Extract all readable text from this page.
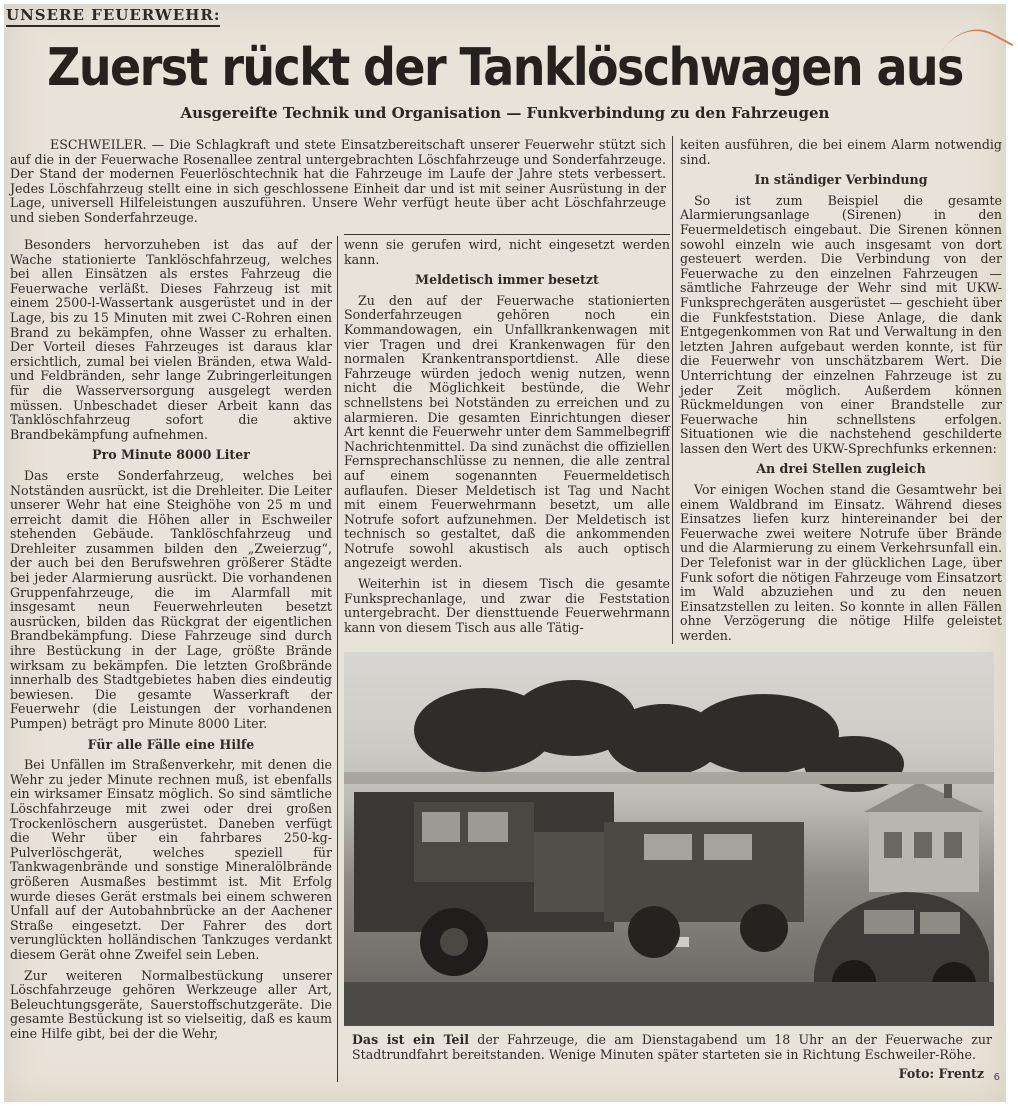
UNSERE FEUERWEHR:
Zuerst rückt der Tanklöschwagen aus
Ausgereifte Technik und Organisation — Funkverbindung zu den Fahrzeugen

ESCHWEILER. — Die Schlagkraft und stete Einsatzbereitschaft unserer Feuerwehr stützt sich auf die in der Feuerwache Rosenallee zentral untergebrachten Löschfahrzeuge und Sonderfahrzeuge. Der Stand der modernen Feuerlöschtechnik hat die Fahrzeuge im Laufe der Jahre stets verbessert. Jedes Löschfahrzeug stellt eine in sich geschlossene Einheit dar und ist mit seiner Ausrüstung in der Lage, universell Hilfeleistungen auszuführen. Unsere Wehr verfügt heute über acht Löschfahrzeuge und sieben Sonderfahrzeuge.

Besonders hervorzuheben ist das auf der Wache stationierte Tanklöschfahrzeug, welches bei allen Einsätzen als erstes Fahrzeug die Feuerwache verläßt. Dieses Fahrzeug ist mit einem 2500-l-Wassertank ausgerüstet und in der Lage, bis zu 15 Minuten mit zwei C-Rohren einen Brand zu bekämpfen, ohne Wasser zu erhalten. Der Vorteil dieses Fahrzeuges ist daraus klar ersichtlich, zumal bei vielen Bränden, etwa Wald- und Feldbränden, sehr lange Zubringerleitungen für die Wasserversorgung ausgelegt werden müssen. Unbeschadet dieser Arbeit kann das Tanklöschfahrzeug sofort die aktive Brandbekämpfung aufnehmen.

Pro Minute 8000 Liter

Das erste Sonderfahrzeug, welches bei Notständen ausrückt, ist die Drehleiter. Die Leiter unserer Wehr hat eine Steighöhe von 25 m und erreicht damit die Höhen aller in Eschweiler stehenden Gebäude. Tanklöschfahrzeug und Drehleiter zusammen bilden den „Zweierzug“, der auch bei den Berufswehren größerer Städte bei jeder Alarmierung ausrückt. Die vorhandenen Gruppenfahrzeuge, die im Alarmfall mit insgesamt neun Feuerwehrleuten besetzt ausrücken, bilden das Rückgrat der eigentlichen Brandbekämpfung. Diese Fahrzeuge sind durch ihre Bestückung in der Lage, größte Brände wirksam zu bekämpfen. Die letzten Großbrände innerhalb des Stadtgebietes haben dies eindeutig bewiesen. Die gesamte Wasserkraft der Feuerwehr (die Leistungen der vorhandenen Pumpen) beträgt pro Minute 8000 Liter.

Für alle Fälle eine Hilfe

Bei Unfällen im Straßenverkehr, mit denen die Wehr zu jeder Minute rechnen muß, ist ebenfalls ein wirksamer Einsatz möglich. So sind sämtliche Löschfahrzeuge mit zwei oder drei großen Trockenlöschern ausgerüstet. Daneben verfügt die Wehr über ein fahrbares 250-kg-Pulverlöschgerät, welches speziell für Tankwagenbrände und sonstige Mineralölbrände größeren Ausmaßes bestimmt ist. Mit Erfolg wurde dieses Gerät erstmals bei einem schweren Unfall auf der Autobahnbrücke an der Aachener Straße eingesetzt. Der Fahrer des dort verunglückten holländischen Tankzuges verdankt diesem Gerät ohne Zweifel sein Leben.

Zur weiteren Normalbestückung unserer Löschfahrzeuge gehören Werkzeuge aller Art, Beleuchtungsgeräte, Sauerstoffschutzgeräte. Die gesamte Bestückung ist so vielseitig, daß es kaum eine Hilfe gibt, bei der die Wehr,

wenn sie gerufen wird, nicht eingesetzt werden kann.

Meldetisch immer besetzt

Zu den auf der Feuerwache stationierten Sonderfahrzeugen gehören noch ein Kommandowagen, ein Unfallkrankenwagen mit vier Tragen und drei Krankenwagen für den normalen Krankentransportdienst. Alle diese Fahrzeuge würden jedoch wenig nutzen, wenn nicht die Möglichkeit bestünde, die Wehr schnellstens bei Notständen zu erreichen und zu alarmieren. Die gesamten Einrichtungen dieser Art kennt die Feuerwehr unter dem Sammelbegriff Nachrichtenmittel. Da sind zunächst die offiziellen Fernsprechanschlüsse zu nennen, die alle zentral auf einem sogenannten Feuermeldetisch auflaufen. Dieser Meldetisch ist Tag und Nacht mit einem Feuerwehrmann besetzt, um alle Notrufe sofort aufzunehmen. Der Meldetisch ist technisch so gestaltet, daß die ankommenden Notrufe sowohl akustisch als auch optisch angezeigt werden.

Weiterhin ist in diesem Tisch die gesamte Funksprechanlage, und zwar die Feststation untergebracht. Der diensttuende Feuerwehrmann kann von diesem Tisch aus alle Tätig-

keiten ausführen, die bei einem Alarm notwendig sind.

In ständiger Verbindung

So ist zum Beispiel die gesamte Alarmierungsanlage (Sirenen) in den Feuermeldetisch eingebaut. Die Sirenen können sowohl einzeln wie auch insgesamt von dort gesteuert werden. Die Verbindung von der Feuerwache zu den einzelnen Fahrzeugen — sämtliche Fahrzeuge der Wehr sind mit UKW-Funksprechgeräten ausgerüstet — geschieht über die Funkfeststation. Diese Anlage, die dank Entgegenkommen von Rat und Verwaltung in den letzten Jahren aufgebaut werden konnte, ist für die Feuerwehr von unschätzbarem Wert. Die Unterrichtung der einzelnen Fahrzeuge ist zu jeder Zeit möglich. Außerdem können Rückmeldungen von einer Brandstelle zur Feuerwache hin schnellstens erfolgen. Situationen wie die nachstehend geschilderte lassen den Wert des UKW-Sprechfunks erkennen:

An drei Stellen zugleich

Vor einigen Wochen stand die Gesamtwehr bei einem Waldbrand im Einsatz. Während dieses Einsatzes liefen kurz hintereinander bei der Feuerwache zwei weitere Notrufe über Brände und die Alarmierung zu einem Verkehrsunfall ein. Der Telefonist war in der glücklichen Lage, über Funk sofort die nötigen Fahrzeuge vom Einsatzort im Wald abzuziehen und zu den neuen Einsatzstellen zu leiten. So konnte in allen Fällen ohne Verzögerung die nötige Hilfe geleistet werden.

Das ist ein Teil der Fahrzeuge, die am Dienstagabend um 18 Uhr an der Feuerwache zur Stadtrundfahrt bereitstanden. Wenige Minuten später starteten sie in Richtung Eschweiler-Röhe.
Foto: Frentz 6
